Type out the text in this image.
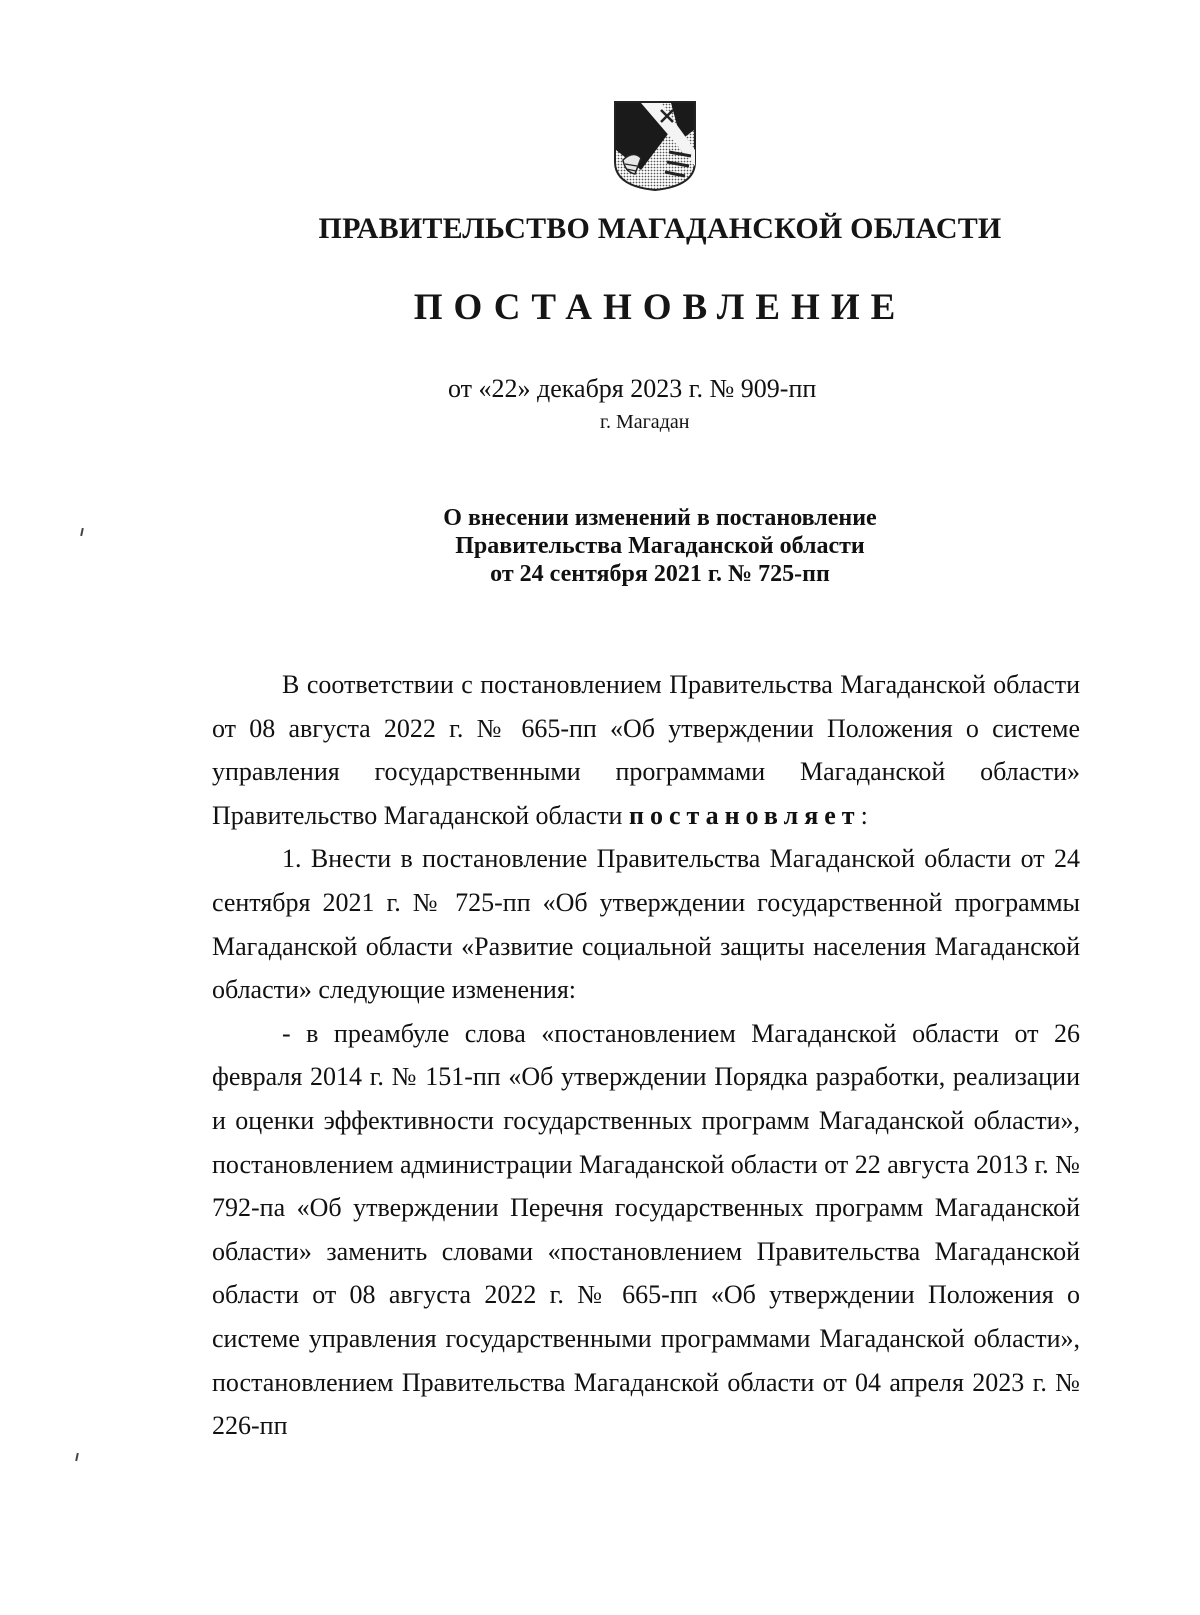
ПРАВИТЕЛЬСТВО МАГАДАНСКОЙ ОБЛАСТИ
ПОСТАНОВЛЕНИЕ
от «22» декабря 2023 г. № 909-пп
г. Магадан
О внесении изменений в постановление
Правительства Магаданской области
от 24 сентября 2021 г. № 725-пп

В соответствии с постановлением Правительства Магаданской области от 08 августа 2022 г. № 665-пп «Об утверждении Положения о системе управления государственными программами Магаданской области» Правительство Магаданской области постановляет:

1. Внести в постановление Правительства Магаданской области от 24 сентября 2021 г. № 725-пп «Об утверждении государственной программы Магаданской области «Развитие социальной защиты населения Магаданской области» следующие изменения:

- в преамбуле слова «постановлением Магаданской области от 26 февраля 2014 г. № 151-пп «Об утверждении Порядка разработки, реализации и оценки эффективности государственных программ Магаданской области», постановлением администрации Магаданской области от 22 августа 2013 г. № 792-па «Об утверждении Перечня государственных программ Магаданской области» заменить словами «постановлением Правительства Магаданской области от 08 августа 2022 г. № 665-пп «Об утверждении Положения о системе управления государственными программами Магаданской области», постановлением Правительства Магаданской области от 04 апреля 2023 г. № 226-пп
